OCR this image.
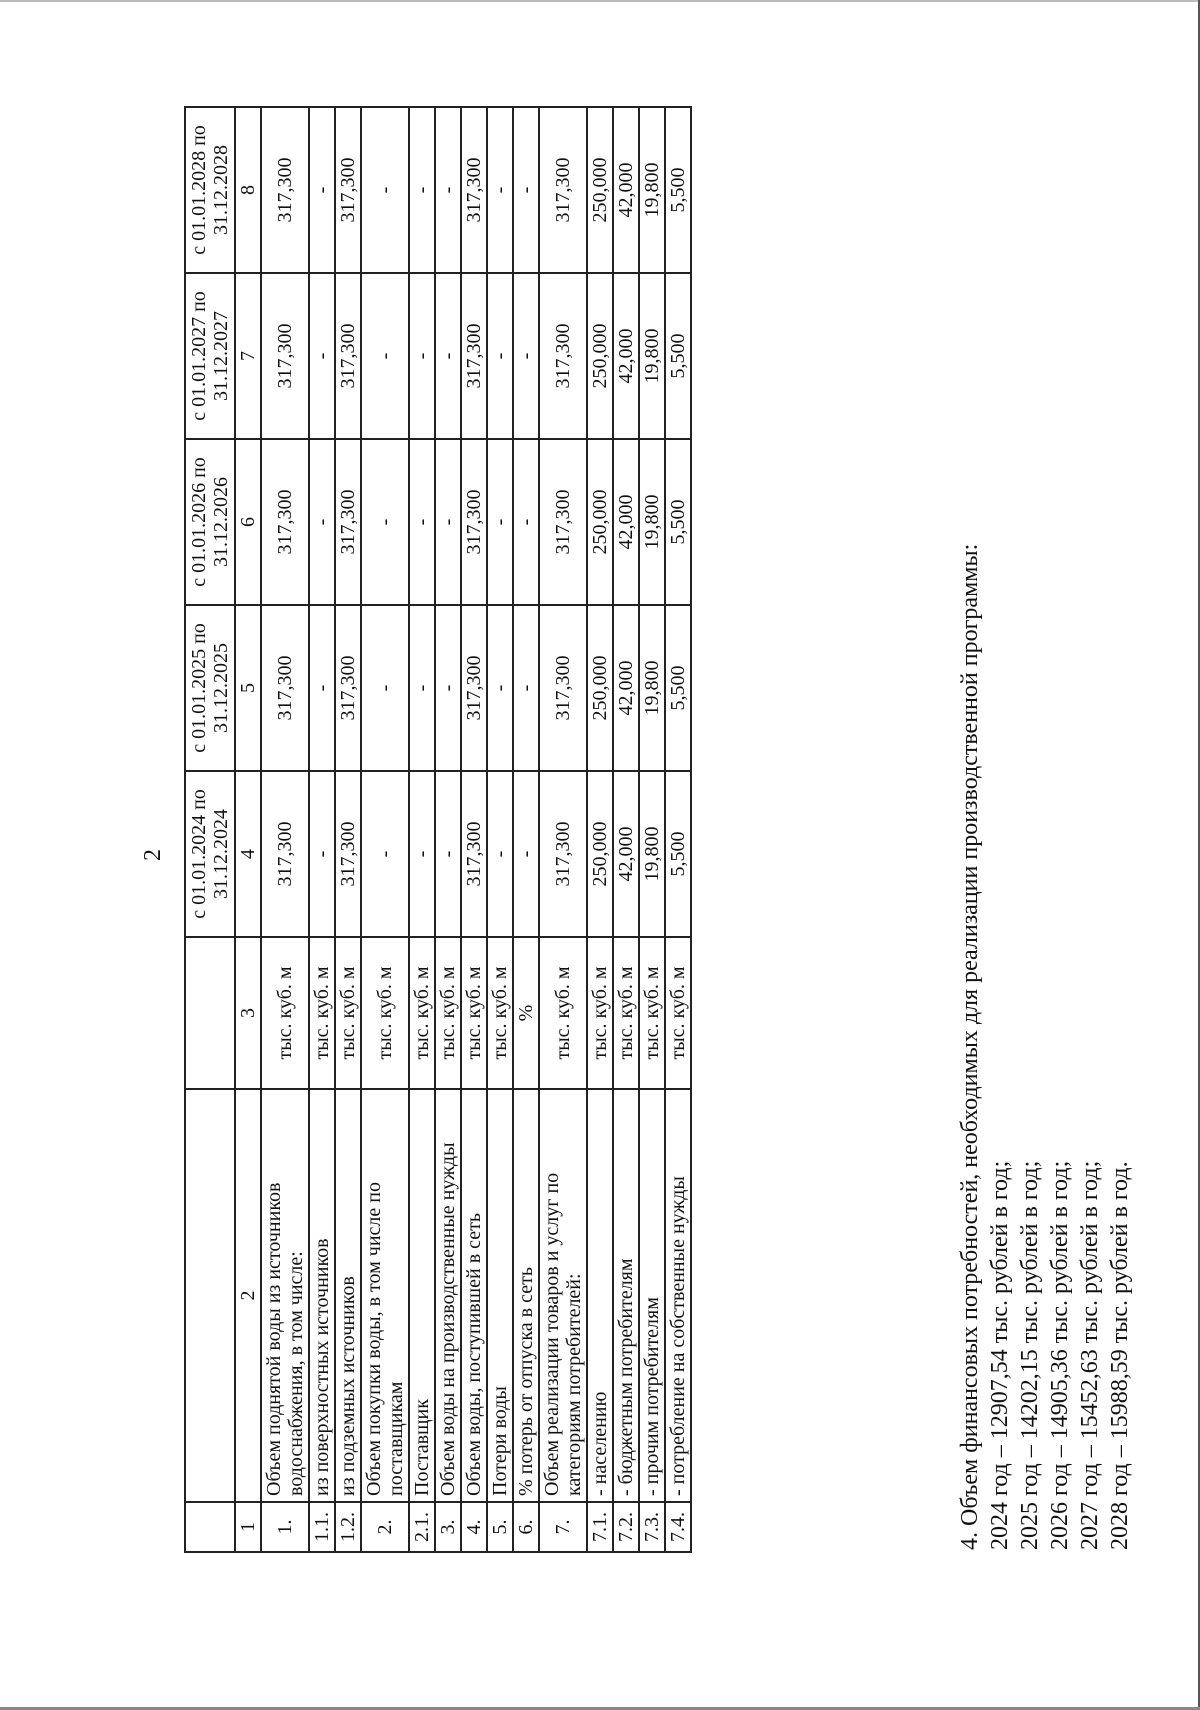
2
			с 01.01.2024 по 31.12.2024	с 01.01.2025 по 31.12.2025	с 01.01.2026 по 31.12.2026	с 01.01.2027 по 31.12.2027	с 01.01.2028 по 31.12.2028
1	2	3	4	5	6	7	8
1.	Объем поднятой воды из источников водоснабжения, в том числе:	тыс. куб. м	317,300	317,300	317,300	317,300	317,300
1.1.	из поверхностных источников	тыс. куб. м	-	-	-	-	-
1.2.	из подземных источников	тыс. куб. м	317,300	317,300	317,300	317,300	317,300
2.	Объем покупки воды, в том числе по поставщикам	тыс. куб. м	-	-	-	-	-
2.1.	Поставщик	тыс. куб. м	-	-	-	-	-
3.	Объем воды на производственные нужды	тыс. куб. м	-	-	-	-	-
4.	Объем воды, поступившей в сеть	тыс. куб. м	317,300	317,300	317,300	317,300	317,300
5.	Потери воды	тыс. куб. м	-	-	-	-	-
6.	% потерь от отпуска в сеть	%	-	-	-	-	-
7.	Объем реализации товаров и услуг по категориям потребителей:	тыс. куб. м	317,300	317,300	317,300	317,300	317,300
7.1.	- населению	тыс. куб. м	250,000	250,000	250,000	250,000	250,000
7.2.	- бюджетным потребителям	тыс. куб. м	42,000	42,000	42,000	42,000	42,000
7.3.	- прочим потребителям	тыс. куб. м	19,800	19,800	19,800	19,800	19,800
7.4.	- потребление на собственные нужды	тыс. куб. м	5,500	5,500	5,500	5,500	5,500
4. Объем финансовых потребностей, необходимых для реализации производственной программы: 2024 год – 12907,54 тыс. рублей в год; 2025 год – 14202,15 тыс. рублей в год; 2026 год – 14905,36 тыс. рублей в год; 2027 год – 15452,63 тыс. рублей в год; 2028 год – 15988,59 тыс. рублей в год.
